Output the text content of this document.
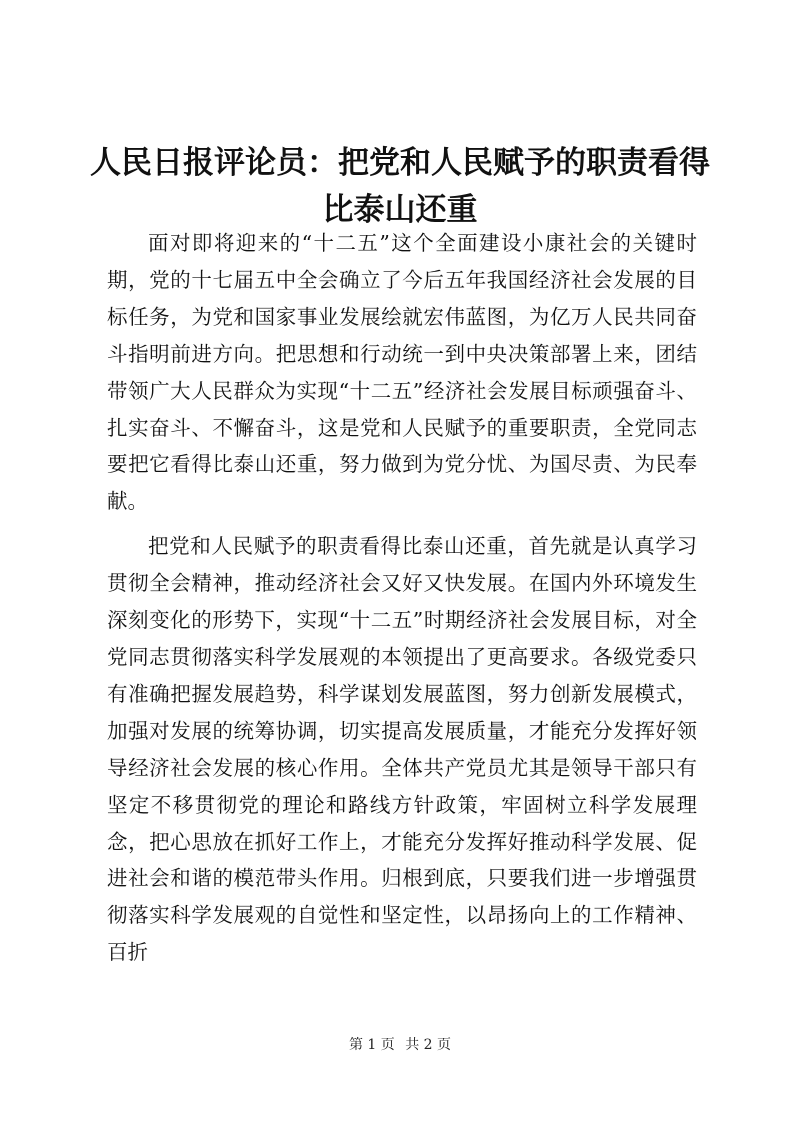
人民日报评论员：把党和人民赋予的职责看得
比泰山还重

面对即将迎来的“十二五”这个全面建设小康社会的关键时期，党的十七届五中全会确立了今后五年我国经济社会发展的目标任务，为党和国家事业发展绘就宏伟蓝图，为亿万人民共同奋斗指明前进方向。把思想和行动统一到中央决策部署上来，团结带领广大人民群众为实现“十二五”经济社会发展目标顽强奋斗、扎实奋斗、不懈奋斗，这是党和人民赋予的重要职责，全党同志要把它看得比泰山还重，努力做到为党分忧、为国尽责、为民奉献。

把党和人民赋予的职责看得比泰山还重，首先就是认真学习贯彻全会精神，推动经济社会又好又快发展。在国内外环境发生深刻变化的形势下，实现“十二五”时期经济社会发展目标，对全党同志贯彻落实科学发展观的本领提出了更高要求。各级党委只有准确把握发展趋势，科学谋划发展蓝图，努力创新发展模式，加强对发展的统筹协调，切实提高发展质量，才能充分发挥好领导经济社会发展的核心作用。全体共产党员尤其是领导干部只有坚定不移贯彻党的理论和路线方针政策，牢固树立科学发展理念，把心思放在抓好工作上，才能充分发挥好推动科学发展、促进社会和谐的模范带头作用。归根到底，只要我们进一步增强贯彻落实科学发展观的自觉性和坚定性，以昂扬向上的工作精神、百折

第 1 页 共 2 页
